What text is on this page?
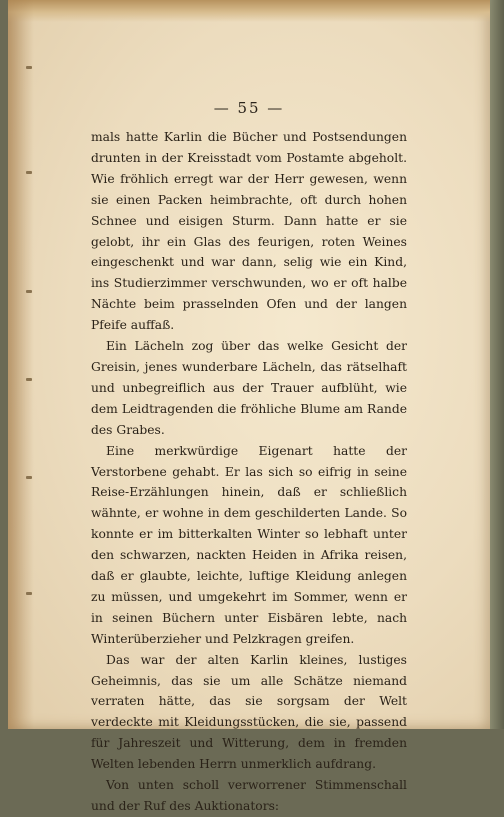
— 55 —

mals hatte Karlin die Bücher und Postsendungen drunten in der Kreisstadt vom Postamte abgeholt. Wie fröhlich erregt war der Herr gewesen, wenn sie einen Packen heimbrachte, oft durch hohen Schnee und eisigen Sturm. Dann hatte er sie gelobt, ihr ein Glas des feurigen, roten Weines eingeschenkt und war dann, selig wie ein Kind, ins Studierzimmer verschwunden, wo er oft halbe Nächte beim prasselnden Ofen und der langen Pfeife auffaß.

Ein Lächeln zog über das welke Gesicht der Greisin, jenes wunderbare Lächeln, das rätselhaft und unbegreiflich aus der Trauer aufblüht, wie dem Leidtragenden die fröhliche Blume am Rande des Grabes.

Eine merkwürdige Eigenart hatte der Verstorbene gehabt. Er las sich so eifrig in seine Reise-Erzählungen hinein, daß er schließlich wähnte, er wohne in dem geschilderten Lande. So konnte er im bitterkalten Winter so lebhaft unter den schwarzen, nackten Heiden in Afrika reisen, daß er glaubte, leichte, luftige Kleidung anlegen zu müssen, und umgekehrt im Sommer, wenn er in seinen Büchern unter Eisbären lebte, nach Winterüberzieher und Pelzkragen greifen.

Das war der alten Karlin kleines, lustiges Geheimnis, das sie um alle Schätze niemand verraten hätte, das sie sorgsam der Welt verdeckte mit Kleidungsstücken, die sie, passend für Jahreszeit und Witterung, dem in fremden Welten lebenden Herrn unmerklich aufdrang.

Von unten scholl verworrener Stimmenschall und der Ruf des Auktionators:
